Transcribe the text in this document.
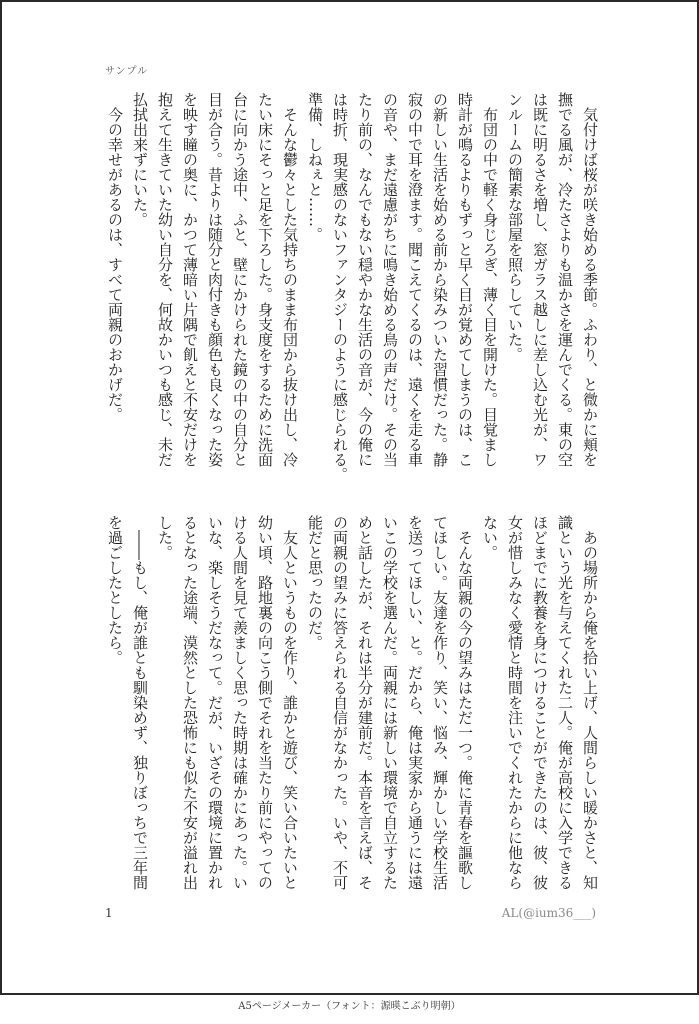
サンプル
　気付けば桜が咲き始める季節。ふわり、と微かに頬を
撫でる風が、冷たさよりも温かさを運んでくる。東の空
は既に明るさを増し、窓ガラス越しに差し込む光が、ワ
ンルームの簡素な部屋を照らしていた。
　布団の中で軽く身じろぎ、薄く目を開けた。目覚まし
時計が鳴るよりもずっと早く目が覚めてしまうのは、こ
の新しい生活を始める前から染みついた習慣だった。静
寂の中で耳を澄ます。聞こえてくるのは、遠くを走る車
の音や、まだ遠慮がちに鳴き始める鳥の声だけ。その当
たり前の、なんでもない穏やかな生活の音が、今の俺に
は時折、現実感のないファンタジーのように感じられる。
準備、しねぇと……。
　そんな鬱々とした気持ちのまま布団から抜け出し、冷
たい床にそっと足を下ろした。身支度をするために洗面
台に向かう途中、ふと、壁にかけられた鏡の中の自分と
目が合う。昔よりは随分と肉付きも顔色も良くなった姿
を映す瞳の奥に、かつて薄暗い片隅で飢えと不安だけを
抱えて生きていた幼い自分を、何故かいつも感じ、未だ
払拭出来ずにいた。
　今の幸せがあるのは、すべて両親のおかげだ。
　あの場所から俺を拾い上げ、人間らしい暖かさと、知
識という光を与えてくれた二人。俺が高校に入学できる
ほどまでに教養を身につけることができたのは、彼、彼
女が惜しみなく愛情と時間を注いでくれたからに他なら
ない。
　そんな両親の今の望みはただ一つ。俺に青春を謳歌し
てほしい。友達を作り、笑い、悩み、輝かしい学校生活
を送ってほしい、と。だから、俺は実家から通うには遠
いこの学校を選んだ。両親には新しい環境で自立するた
めと話したが、それは半分が建前だ。本音を言えば、そ
の両親の望みに答えられる自信がなかった。いや、不可
能だと思ったのだ。
　友人というものを作り、誰かと遊び、笑い合いたいと
幼い頃、路地裏の向こう側でそれを当たり前にやっての
ける人間を見て羨ましく思った時期は確かにあった。い
いな、楽しそうだなって。だが、いざその環境に置かれ
るとなった途端、漠然とした恐怖にも似た不安が溢れ出
した。
　――もし、俺が誰とも馴染めず、独りぼっちで三年間
を過ごしたとしたら。
1	AL(@ium36___)
A5ページメーカー（フォント：源暎こぶり明朝）
